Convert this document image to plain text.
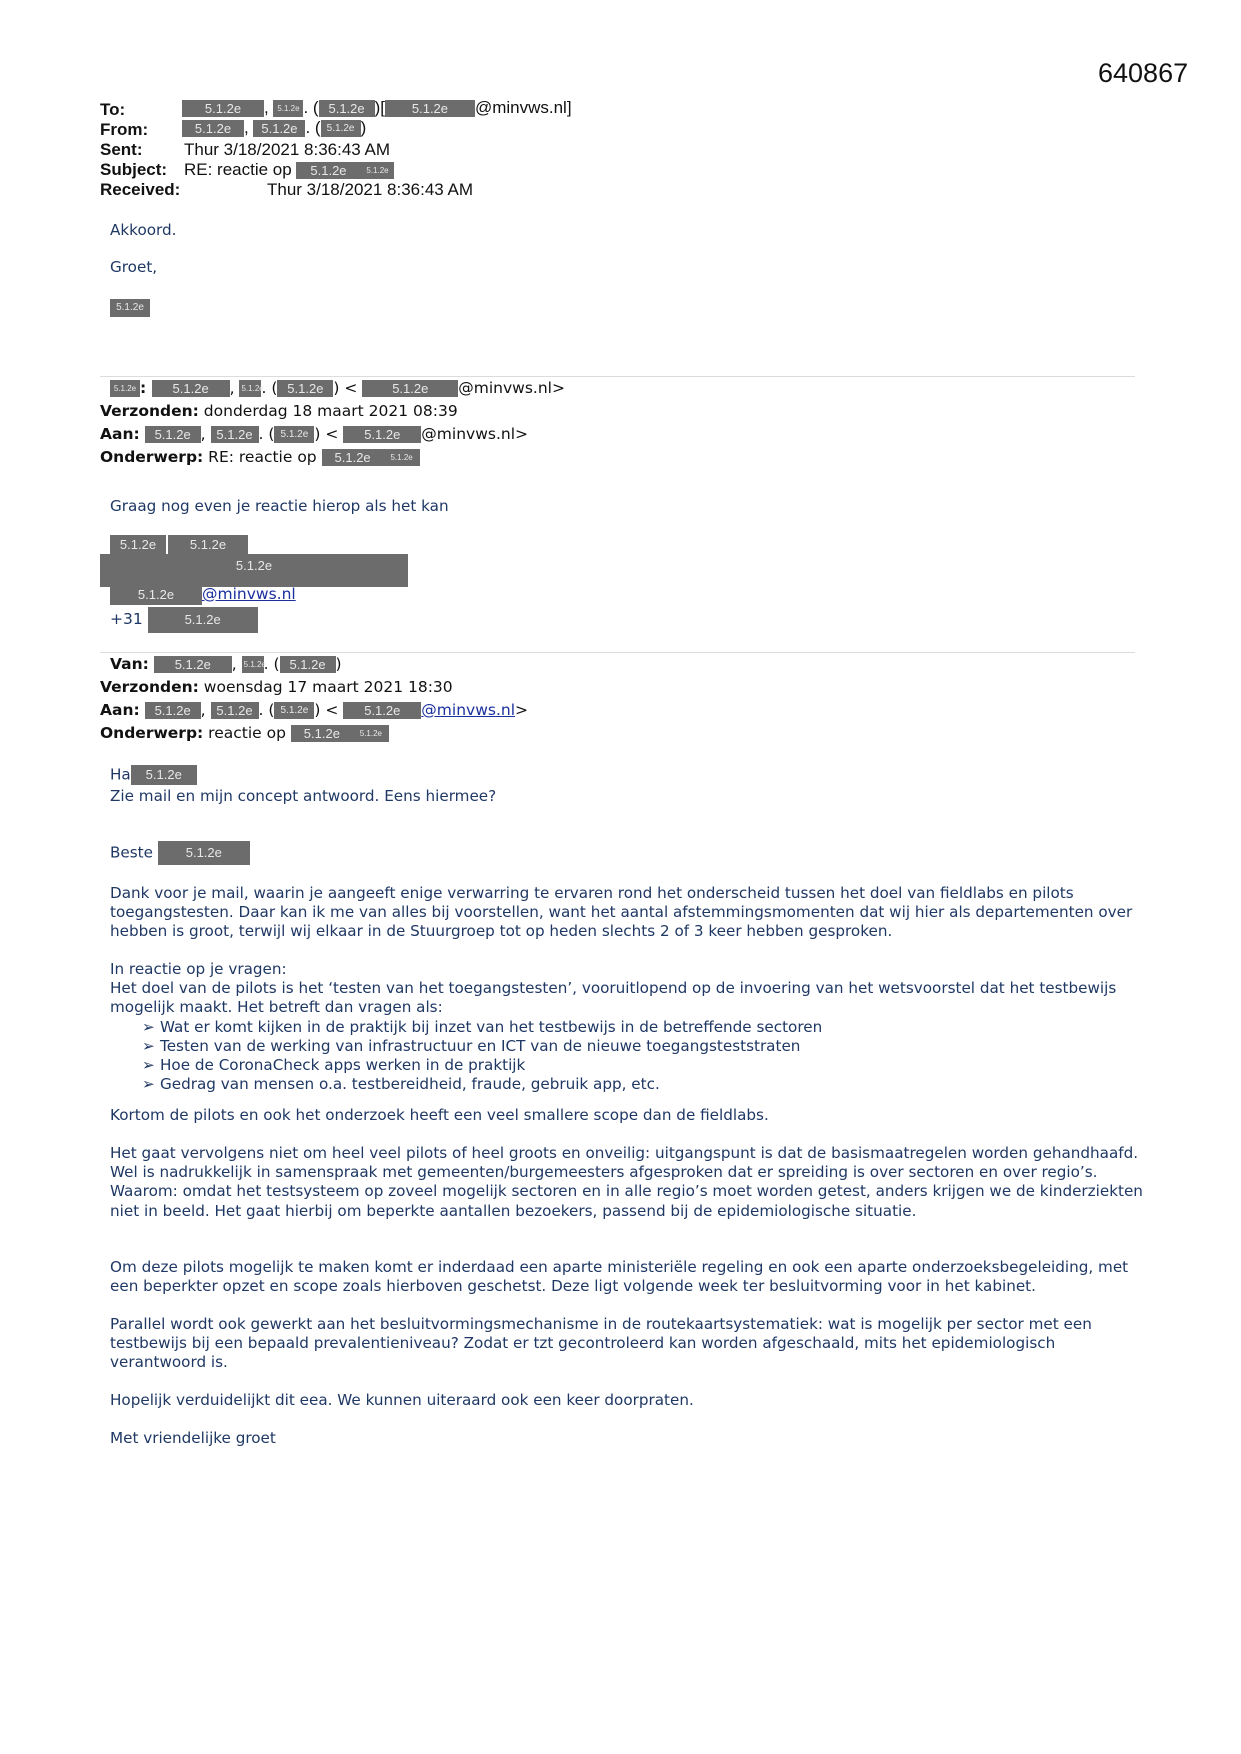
640867
To:	5.1.2e , 5.1.2e . ( 5.1.2e )[ 5.1.2e @minvws.nl]
From:	5.1.2e , 5.1.2e . ( 5.1.2e )
Sent: Thur 3/18/2021 8:36:43 AM
Subject: RE: reactie op 5.1.2e 5.1.2e
Received:	Thur 3/18/2021 8:36:43 AM
Akkoord.
Groet,
5.1.2e
5.1.2e : 5.1.2e , 5.1.2e. ( 5.1.2e ) < 5.1.2e @minvws.nl>
Verzonden: donderdag 18 maart 2021 08:39
Aan: 5.1.2e , 5.1.2e . ( 5.1.2e ) < 5.1.2e @minvws.nl>
Onderwerp: RE: reactie op 5.1.2e 5.1.2e
Graag nog even je reactie hierop als het kan
5.1.2e	5.1.2e
5.1.2e
5.1.2e @minvws.nl
+31	5.1.2e
Van: 5.1.2e , 5.1.2e. ( 5.1.2e )
Verzonden: woensdag 17 maart 2021 18:30
Aan: 5.1.2e , 5.1.2e . ( 5.1.2e ) < 5.1.2e @minvws.nl>
Onderwerp: reactie op 5.1.2e 5.1.2e
Ha 5.1.2e
Zie mail en mijn concept antwoord. Eens hiermee?
Beste	5.1.2e
Dank voor je mail, waarin je aangeeft enige verwarring te ervaren rond het onderscheid tussen het doel van fieldlabs en pilots toegangstesten. Daar kan ik me van alles bij voorstellen, want het aantal afstemmingsmomenten dat wij hier als departementen over hebben is groot, terwijl wij elkaar in de Stuurgroep tot op heden slechts 2 of 3 keer hebben gesproken.
In reactie op je vragen:
Het doel van de pilots is het ‘testen van het toegangstesten’, vooruitlopend op de invoering van het wetsvoorstel dat het testbewijs mogelijk maakt. Het betreft dan vragen als:
➢ Wat er komt kijken in de praktijk bij inzet van het testbewijs in de betreffende sectoren
➢ Testen van de werking van infrastructuur en ICT van de nieuwe toegangsteststraten
➢ Hoe de CoronaCheck apps werken in de praktijk
➢ Gedrag van mensen o.a. testbereidheid, fraude, gebruik app, etc.
Kortom de pilots en ook het onderzoek heeft een veel smallere scope dan de fieldlabs.
Het gaat vervolgens niet om heel veel pilots of heel groots en onveilig: uitgangspunt is dat de basismaatregelen worden gehandhaafd. Wel is nadrukkelijk in samenspraak met gemeenten/burgemeesters afgesproken dat er spreiding is over sectoren en over regio’s. Waarom: omdat het testsysteem op zoveel mogelijk sectoren en in alle regio’s moet worden getest, anders krijgen we de kinderziekten niet in beeld. Het gaat hierbij om beperkte aantallen bezoekers, passend bij de epidemiologische situatie.
Om deze pilots mogelijk te maken komt er inderdaad een aparte ministeriële regeling en ook een aparte onderzoeksbegeleiding, met een beperkter opzet en scope zoals hierboven geschetst. Deze ligt volgende week ter besluitvorming voor in het kabinet.
Parallel wordt ook gewerkt aan het besluitvormingsmechanisme in de routekaartsystematiek: wat is mogelijk per sector met een testbewijs bij een bepaald prevalentieniveau? Zodat er tzt gecontroleerd kan worden afgeschaald, mits het epidemiologisch verantwoord is.
Hopelijk verduidelijkt dit eea. We kunnen uiteraard ook een keer doorpraten.
Met vriendelijke groet
